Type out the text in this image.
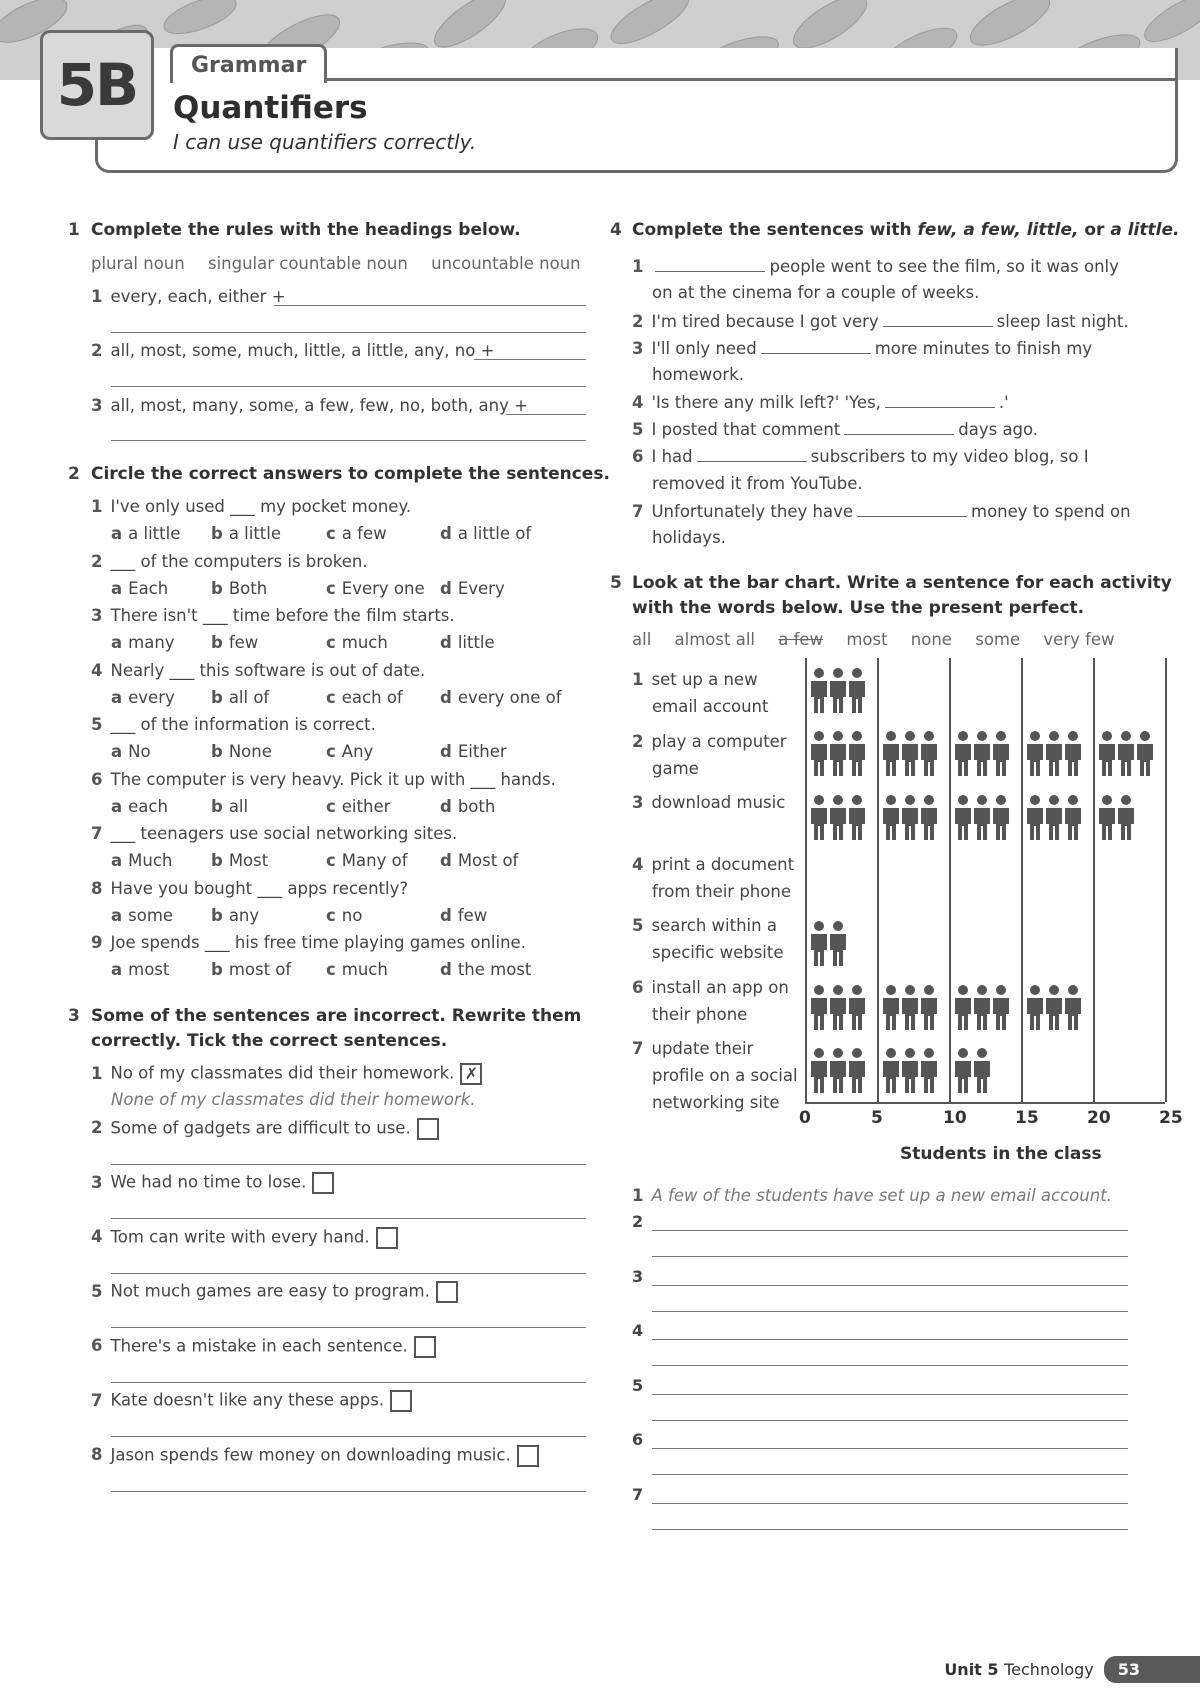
5B	Grammar
Quantifiers
I can use quantifiers correctly.
1 Complete the rules with the headings below.
plural noun singular countable noun uncountable noun
1 every, each, either +
2 all, most, some, much, little, a little, any, no +
3 all, most, many, some, a few, few, no, both, any +
2 Circle the correct answers to complete the sentences.
1 I've only used ___ my pocket money.
a a little b a little	c a few	d a little of
2 ___ of the computers is broken.
a Each	b Both	c Every one d Every
3 There isn't ___ time before the film starts.
a many b few	c much	d little
4 Nearly ___ this software is out of date.
a every b all of	c each of d every one of
5 ___ of the information is correct.
a No	b None	c Any	d Either
6 The computer is very heavy. Pick it up with ___ hands.
a each	b all	c either	d both
7 ___ teenagers use social networking sites.
a Much b Most	c Many of d Most of
8 Have you bought ___ apps recently?
a some b any	c no	d few
9 Joe spends ___ his free time playing games online.
a most	b most of c much	d the most
3 Some of the sentences are incorrect. Rewrite them
correctly. Tick the correct sentences.
1 No of my classmates did their homework. ✗
None of my classmates did their homework.
2 Some of gadgets are difficult to use.
3 We had no time to lose.
4 Tom can write with every hand.
5 Not much games are easy to program.
6 There's a mistake in each sentence.
7 Kate doesn't like any these apps.
8 Jason spends few money on downloading music.
4 Complete the sentences with few, a few, little, or a little.
1	people went to see the film, so it was only
on at the cinema for a couple of weeks.
2 I'm tired because I got very	sleep last night.
3 I'll only need	more minutes to finish my
homework.
4 'Is there any milk left?' 'Yes,	.'
5 I posted that comment	days ago.
6 I had	subscribers to my video blog, so I
removed it from YouTube.
7 Unfortunately they have	money to spend on
holidays.
5 Look at the bar chart. Write a sentence for each activity
with the words below. Use the present perfect.
all almost all a few most none some very few
1 set up a new
email account
2 play a computer
game
3 download music
4 print a document
from their phone
5 search within a
specific website
6 install an app on
their phone
7 update their
profile on a social
networking site
Students in the class
1 A few of the students have set up a new email account.
2
3
4
5
6
7
Unit 5 Technology	53
0	5	10	15	20	25
